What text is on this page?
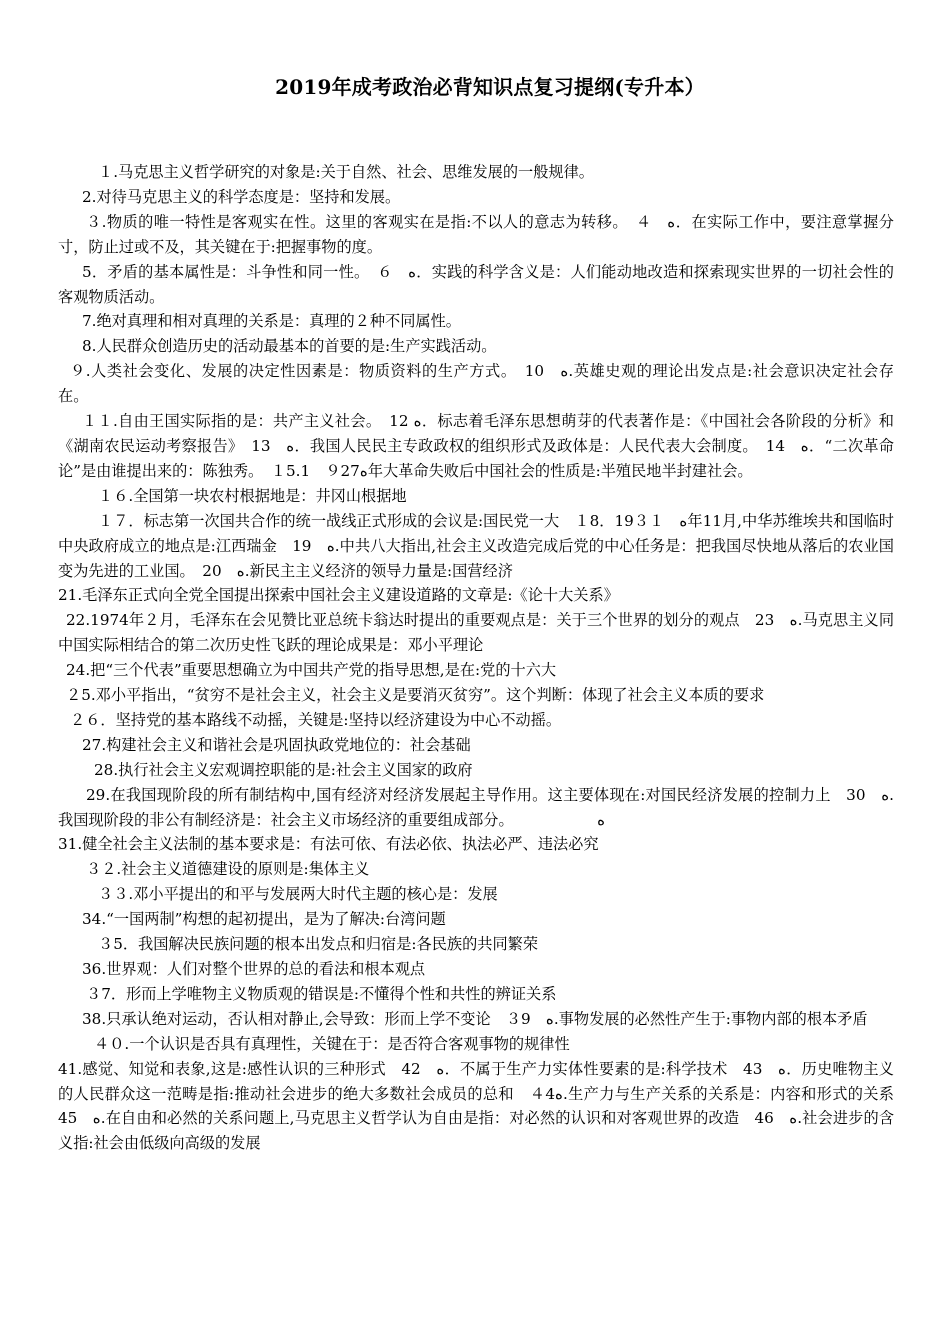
2019年成考政治必背知识点复习提纲(专升本）
１.马克思主义哲学研究的对象是:关于自然、社会、思维发展的一般规律。
2.对待马克思主义的科学态度是：坚持和发展。
３.物质的唯一特性是客观实在性。这里的客观实在是指:不以人的意志为转移。　４　ه．在实际工作中，要注意掌握分寸，防止过或不及，其关键在于:把握事物的度。
5．矛盾的基本属性是：斗争性和同一性。　６　ه．实践的科学含义是：人们能动地改造和探索现实世界的一切社会性的客观物质活动。
7.绝对真理和相对真理的关系是：真理的２种不同属性。
8.人民群众创造历史的活动最基本的首要的是:生产实践活动。
９.人类社会变化、发展的决定性因素是：物质资料的生产方式。　10　ه.英雄史观的理论出发点是:社会意识决定社会存在。
１１.自由王国实际指的是：共产主义社会。　12 ه．标志着毛泽东思想萌芽的代表著作是：《中国社会各阶段的分析》和《湖南农民运动考察报告》　13　ه．我国人民民主专政政权的组织形式及政体是：人民代表大会制度。　14　ه．“二次革命论”是由谁提出来的：陈独秀。　１5.1　ه９27年大革命失败后中国社会的性质是:半殖民地半封建社会。
１６.全国第一块农村根据地是：井冈山根据地
１７．标志第一次国共合作的统一战线正式形成的会议是:国民党一大　１8．19３１　ه年11月,中华苏维埃共和国临时中央政府成立的地点是:江西瑞金　19　ه.中共八大指出,社会主义改造完成后党的中心任务是：把我国尽快地从落后的农业国变为先进的工业国。　20　ه.新民主主义经济的领导力量是:国营经济
21.毛泽东正式向全党全国提出探索中国社会主义建设道路的文章是:《论十大关系》
22.1974年２月，毛泽东在会见赞比亚总统卡翁达时提出的重要观点是：关于三个世界的划分的观点　23　ه.马克思主义同中国实际相结合的第二次历史性飞跃的理论成果是：邓小平理论
24.把“三个代表”重要思想确立为中国共产党的指导思想,是在:党的十六大
２5.邓小平指出，“贫穷不是社会主义，社会主义是要消灭贫穷”。这个判断：体现了社会主义本质的要求
２６．坚持党的基本路线不动摇，关键是:坚持以经济建设为中心不动摇。
27.构建社会主义和谐社会是巩固执政党地位的：社会基础
28.执行社会主义宏观调控职能的是:社会主义国家的政府
29.在我国现阶段的所有制结构中,国有经济对经济发展起主导作用。这主要体现在:对国民经济发展的控制力上　30　ه.我国现阶段的非公有制经济是：社会主义市场经济的重要组成部分。　　　　　　ه
31.健全社会主义法制的基本要求是：有法可依、有法必依、执法必严、违法必究
３２.社会主义道德建设的原则是:集体主义
３３.邓小平提出的和平与发展两大时代主题的核心是：发展
34.“一国两制”构想的起初提出，是为了解决:台湾问题
３5．我国解决民族问题的根本出发点和归宿是:各民族的共同繁荣
36.世界观：人们对整个世界的总的看法和根本观点
３7．形而上学唯物主义物质观的错误是:不懂得个性和共性的辨证关系
38.只承认绝对运动，否认相对静止,会导致：形而上学不变论　３9　ه.事物发展的必然性产生于:事物内部的根本矛盾
４０.一个认识是否具有真理性，关键在于：是否符合客观事物的规律性
41.感觉、知觉和表象,这是:感性认识的三种形式　42　ه．不属于生产力实体性要素的是:科学技术　43　ه．历史唯物主义的人民群众这一范畴是指:推动社会进步的绝大多数社会成员的总和　ه４4.生产力与生产关系的关系是：内容和形式的关系　45　ه.在自由和必然的关系问题上,马克思主义哲学认为自由是指：对必然的认识和对客观世界的改造　46　ه.社会进步的含义指:社会由低级向高级的发展
